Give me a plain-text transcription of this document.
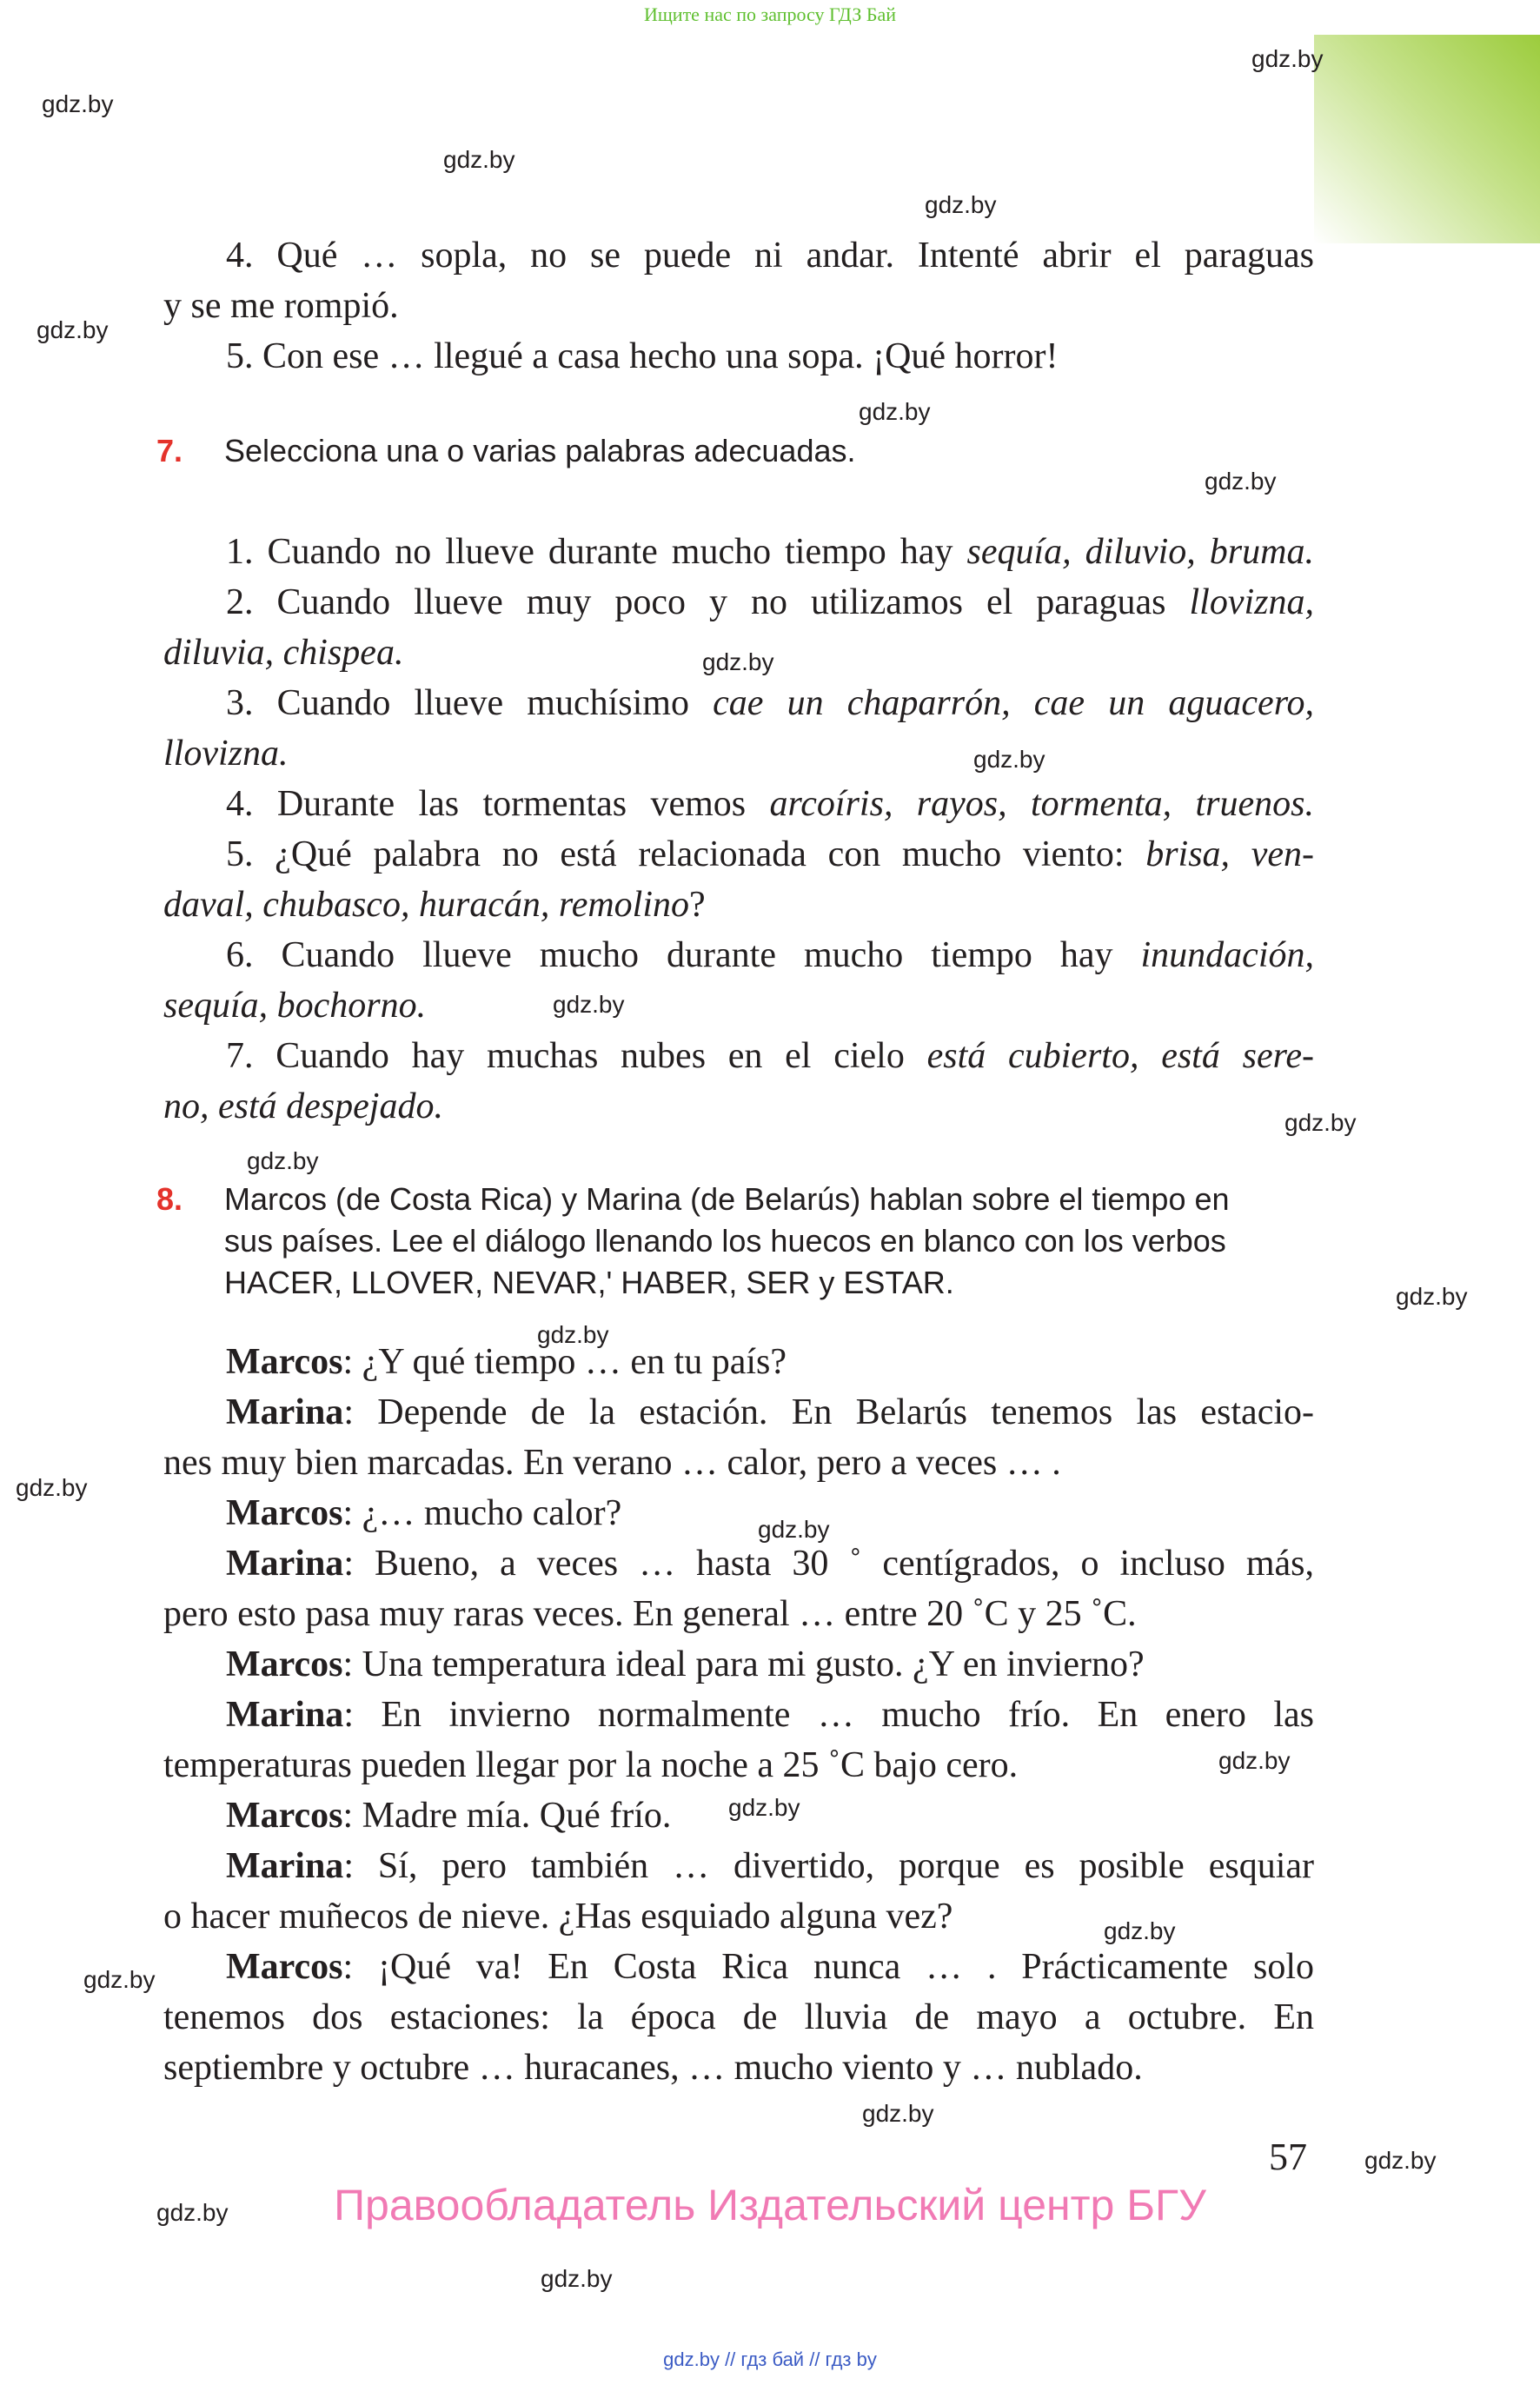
Ищите нас по запросу ГДЗ Бай
gdz.by
gdz.by
gdz.by
gdz.by
gdz.by
gdz.by
gdz.by
gdz.by
gdz.by
gdz.by
gdz.by
gdz.by
gdz.by
gdz.by
gdz.by
gdz.by
gdz.by
gdz.by
gdz.by
gdz.by
gdz.by
gdz.by
gdz.by
gdz.by
4. Qué … sopla, no se puede ni andar. Intenté abrir el paraguas
y se me rompió.
5. Con ese … llegué a casa hecho una sopa. ¡Qué horror!
7. Selecciona una o varias palabras adecuadas.
1. Cuando no llueve durante mucho tiempo hay sequía, diluvio, bruma.
2. Cuando llueve muy poco y no utilizamos el paraguas llovizna,
diluvia, chispea.
3. Cuando llueve muchísimo cae un chaparrón, cae un aguacero,
llovizna.
4. Durante las tormentas vemos arcoíris, rayos, tormenta, truenos.
5. ¿Qué palabra no está relacionada con mucho viento: brisa, ven-
daval, chubasco, huracán, remolino?
6. Cuando llueve mucho durante mucho tiempo hay inundación,
sequía, bochorno.
7. Cuando hay muchas nubes en el cielo está cubierto, está sere-
no, está despejado.
8. Marcos (de Costa Rica) y Marina (de Belarús) hablan sobre el tiempo en
sus países. Lee el diálogo llenando los huecos en blanco con los verbos
HACER, LLOVER, NEVAR,' HABER, SER y ESTAR.
Marcos: ¿Y qué tiempo … en tu país?
Marina: Depende de la estación. En Belarús tenemos las estacio-
nes muy bien marcadas. En verano … calor, pero a veces … .
Marcos: ¿… mucho calor?
Marina: Bueno, a veces … hasta 30 ˚ centígrados, o incluso más,
pero esto pasa muy raras veces. En general … entre 20 ˚C y 25 ˚C.
Marcos: Una temperatura ideal para mi gusto. ¿Y en invierno?
Marina: En invierno normalmente … mucho frío. En enero las
temperaturas pueden llegar por la noche a 25 ˚C bajo cero.
Marcos: Madre mía. Qué frío.
Marina: Sí, pero también … divertido, porque es posible esquiar
o hacer muñecos de nieve. ¿Has esquiado alguna vez?
Marcos: ¡Qué va! En Costa Rica nunca … . Prácticamente solo
tenemos dos estaciones: la época de lluvia de mayo a octubre. En
septiembre y octubre … huracanes, … mucho viento y … nublado.
57
Правообладатель Издательский центр БГУ
gdz.by // гдз бай // гдз by
